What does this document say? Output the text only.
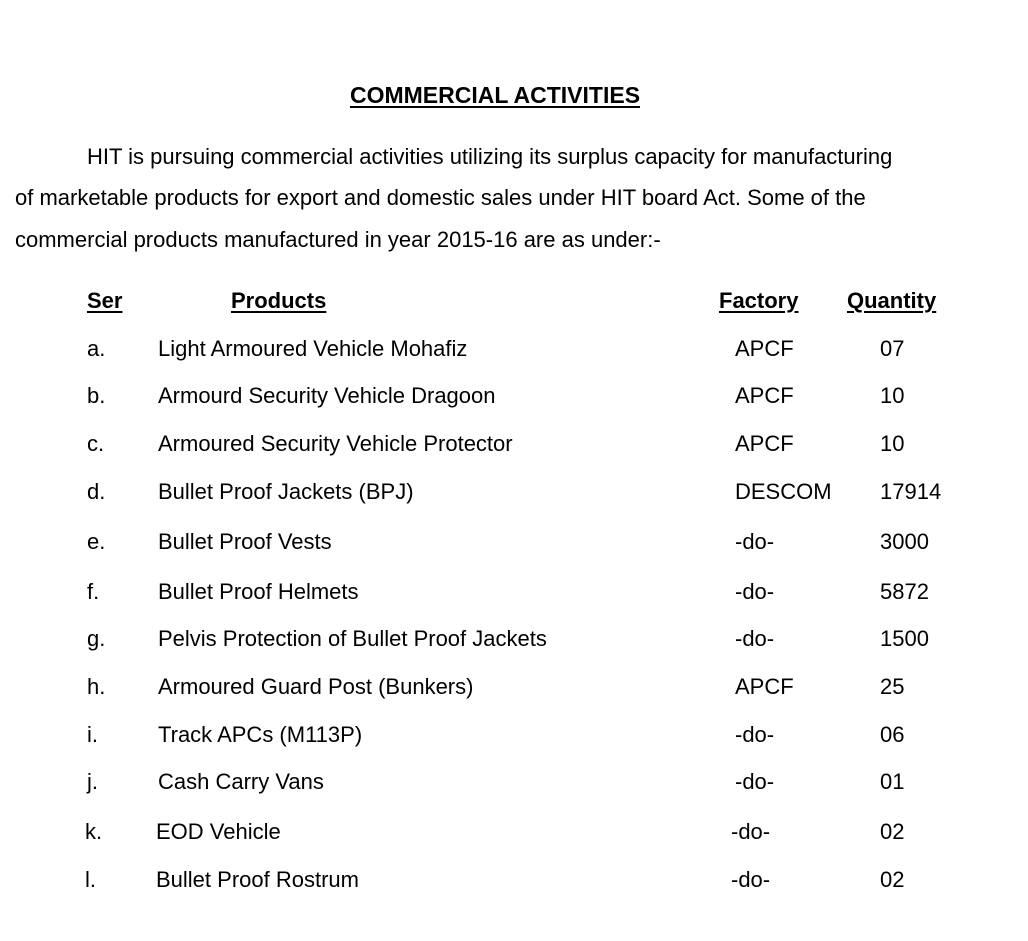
COMMERCIAL ACTIVITIES
HIT is pursuing commercial activities utilizing its surplus capacity for manufacturing
of marketable products for export and domestic sales under HIT board Act. Some of the
commercial products manufactured in year 2015-16 are as under:-
Ser	Products	Factory Quantity
a. Light Armoured Vehicle Mohafiz	APCF	07
b. Armourd Security Vehicle Dragoon	APCF	10
c. Armoured Security Vehicle Protector	APCF	10
d. Bullet Proof Jackets (BPJ)	DESCOM 17914
e. Bullet Proof Vests	-do-	3000
f.	Bullet Proof Helmets	-do-	5872
g. Pelvis Protection of Bullet Proof Jackets	-do-	1500
h. Armoured Guard Post (Bunkers)	APCF	25
i.	Track APCs (M113P)	-do-	06
j.	Cash Carry Vans	-do-	01
k. EOD Vehicle	-do-	02
l.	Bullet Proof Rostrum	-do-	02
